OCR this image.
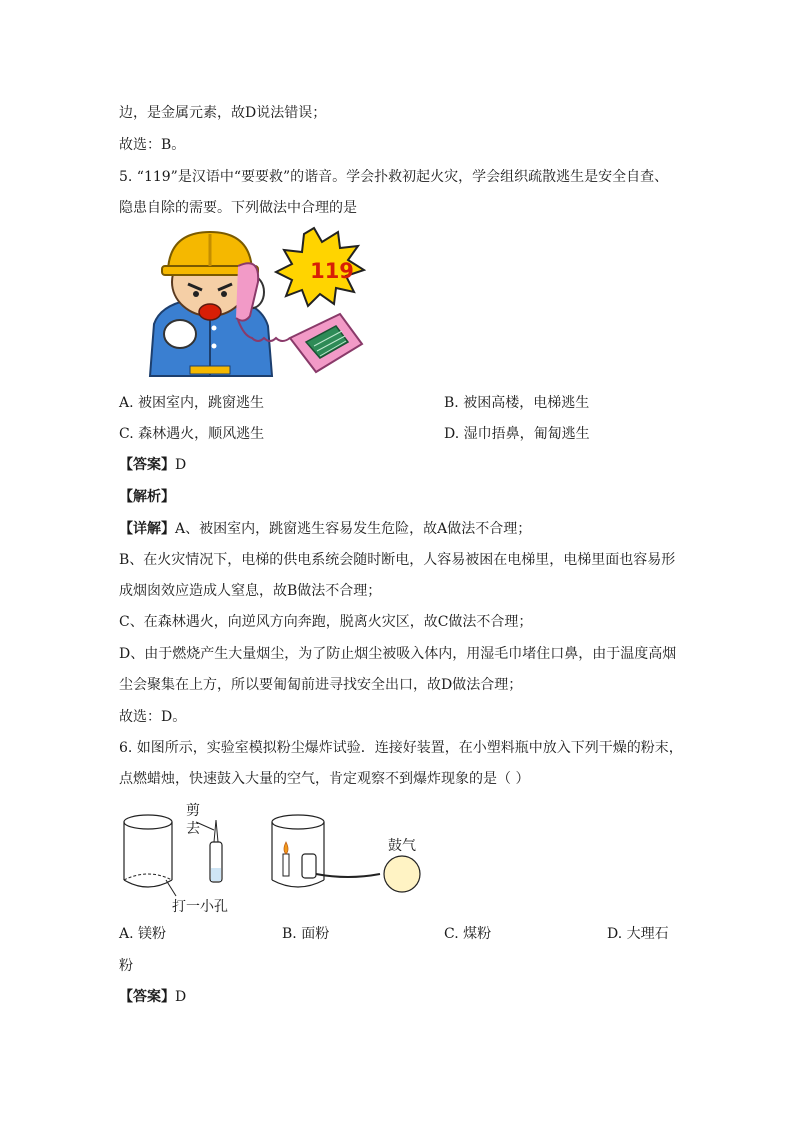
边，是金属元素，故D说法错误；
故选：B。
5. “119”是汉语中“要要救”的谐音。学会扑救初起火灾，学会组织疏散逃生是安全自查、
隐患自除的需要。下列做法中合理的是
119
A. 被困室内，跳窗逃生	B. 被困高楼，电梯逃生
C. 森林遇火，顺风逃生	D. 湿巾捂鼻，匍匐逃生
【答案】D
【解析】
【详解】A、被困室内，跳窗逃生容易发生危险，故A做法不合理；
B、在火灾情况下，电梯的供电系统会随时断电，人容易被困在电梯里，电梯里面也容易形
成烟囱效应造成人窒息，故B做法不合理；
C、在森林遇火，向逆风方向奔跑，脱离火灾区，故C做法不合理；
D、由于燃烧产生大量烟尘，为了防止烟尘被吸入体内，用湿毛巾堵住口鼻，由于温度高烟
尘会聚集在上方，所以要匍匐前进寻找安全出口，故D做法合理；
故选：D。
6. 如图所示，实验室模拟粉尘爆炸试验．连接好装置，在小塑料瓶中放入下列干燥的粉末，
点燃蜡烛，快速鼓入大量的空气，肯定观察不到爆炸现象的是（ ）
剪
去
打一小孔
鼓气
A. 镁粉	B. 面粉	C. 煤粉	D. 大理石
粉
【答案】D
